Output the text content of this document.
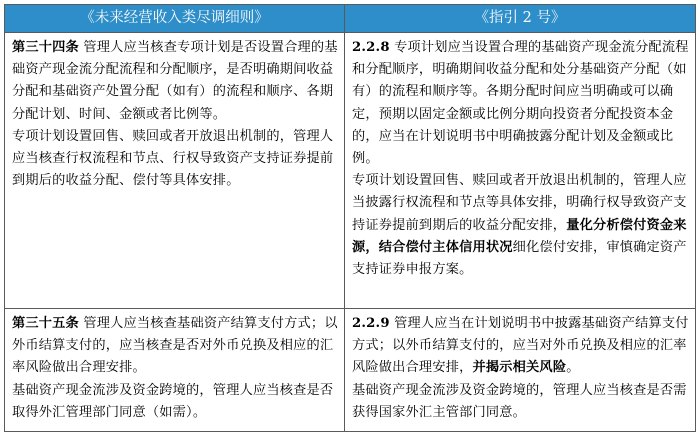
《未来经营收入类尽调细则》	《指引 2 号》

第三十四条 管理人应当核查专项计划是否设置合理的基础资产现金流分配流程和分配顺序，是否明确期间收益分配和基础资产处置分配（如有）的流程和顺序、各期分配计划、时间、金额或者比例等。

专项计划设置回售、赎回或者开放退出机制的，管理人应当核查行权流程和节点、行权导致资产支持证券提前到期后的收益分配、偿付等具体安排。

2.2.8 专项计划应当设置合理的基础资产现金流分配流程和分配顺序，明确期间收益分配和处分基础资产分配（如有）的流程和顺序等。各期分配时间应当明确或可以确定，预期以固定金额或比例分期向投资者分配投资本金的，应当在计划说明书中明确披露分配计划及金额或比例。

专项计划设置回售、赎回或者开放退出机制的，管理人应当披露行权流程和节点等具体安排，明确行权导致资产支持证券提前到期后的收益分配安排，量化分析偿付资金来源，结合偿付主体信用状况细化偿付安排，审慎确定资产支持证券申报方案。

第三十五条 管理人应当核查基础资产结算支付方式；以外币结算支付的，应当核查是否对外币兑换及相应的汇率风险做出合理安排。

基础资产现金流涉及资金跨境的，管理人应当核查是否取得外汇管理部门同意（如需）。

2.2.9 管理人应当在计划说明书中披露基础资产结算支付方式；以外币结算支付的，应当对外币兑换及相应的汇率风险做出合理安排，并揭示相关风险。

基础资产现金流涉及资金跨境的，管理人应当核查是否需获得国家外汇主管部门同意。
